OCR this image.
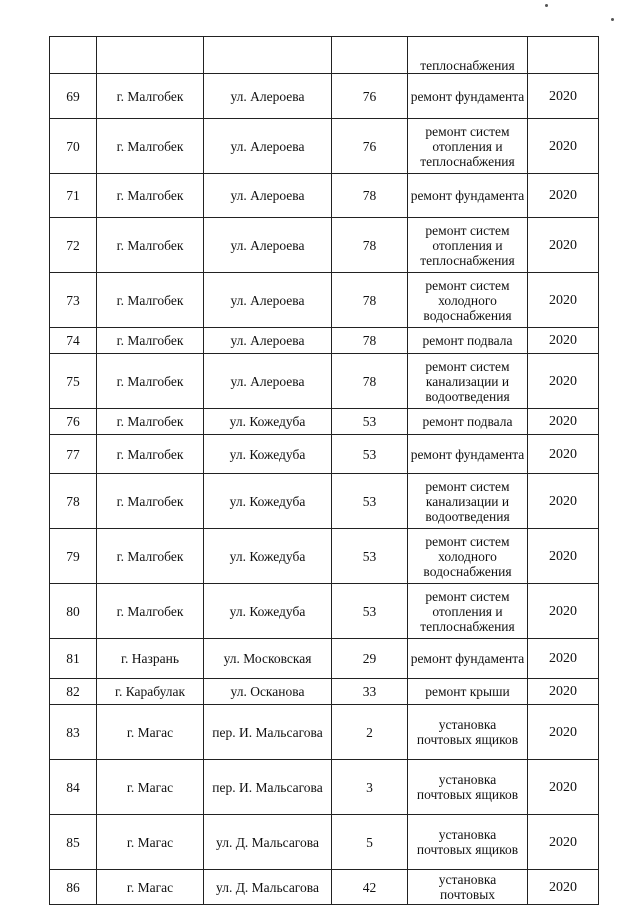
				теплоснабжения	
69	г. Малгобек	ул. Алероева	76	ремонт фундамента	2020
70	г. Малгобек	ул. Алероева	76	ремонт систем отопления и теплоснабжения	2020
71	г. Малгобек	ул. Алероева	78	ремонт фундамента	2020
72	г. Малгобек	ул. Алероева	78	ремонт систем отопления и теплоснабжения	2020
73	г. Малгобек	ул. Алероева	78	ремонт систем холодного водоснабжения	2020
74	г. Малгобек	ул. Алероева	78	ремонт подвала	2020
75	г. Малгобек	ул. Алероева	78	ремонт систем канализации и водоотведения	2020
76	г. Малгобек	ул. Кожедуба	53	ремонт подвала	2020
77	г. Малгобек	ул. Кожедуба	53	ремонт фундамента	2020
78	г. Малгобек	ул. Кожедуба	53	ремонт систем канализации и водоотведения	2020
79	г. Малгобек	ул. Кожедуба	53	ремонт систем холодного водоснабжения	2020
80	г. Малгобек	ул. Кожедуба	53	ремонт систем отопления и теплоснабжения	2020
81	г. Назрань	ул. Московская	29	ремонт фундамента	2020
82	г. Карабулак	ул. Осканова	33	ремонт крыши	2020
83	г. Магас	пер. И. Мальсагова	2	установка почтовых ящиков	2020
84	г. Магас	пер. И. Мальсагова	3	установка почтовых ящиков	2020
85	г. Магас	ул. Д. Мальсагова	5	установка почтовых ящиков	2020
86	г. Магас	ул. Д. Мальсагова	42	установка почтовых	2020
